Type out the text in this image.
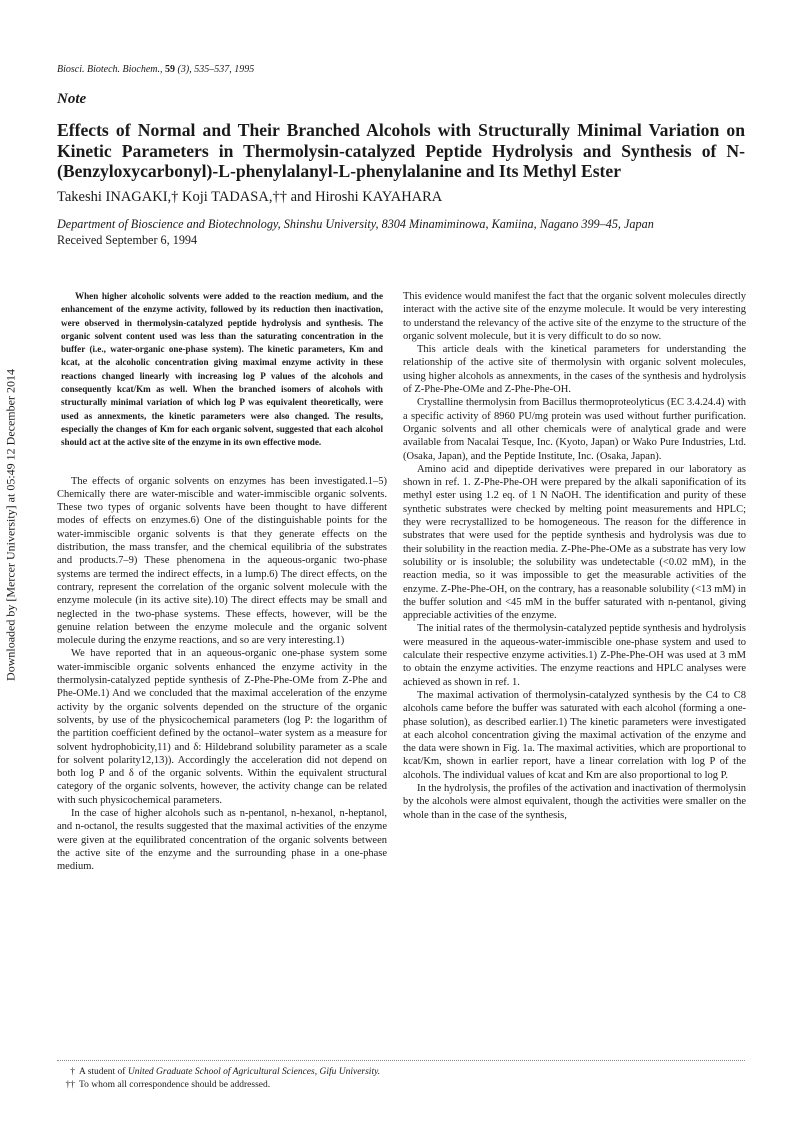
Biosci. Biotech. Biochem., 59 (3), 535–537, 1995
Note
Effects of Normal and Their Branched Alcohols with Structurally Minimal Variation on Kinetic Parameters in Thermolysin-catalyzed Peptide Hydrolysis and Synthesis of N-(Benzyloxycarbonyl)-L-phenylalanyl-L-phenylalanine and Its Methyl Ester
Takeshi INAGAKI,† Koji TADASA,†† and Hiroshi KAYAHARA
Department of Bioscience and Biotechnology, Shinshu University, 8304 Minamiminowa, Kamiina, Nagano 399–45, Japan
Received September 6, 1994
Downloaded by [Mercer University] at 05:49 12 December 2014

When higher alcoholic solvents were added to the reaction medium, and the enhancement of the enzyme activity, followed by its reduction then inactivation, were observed in thermolysin-catalyzed peptide hydrolysis and synthesis. The organic solvent content used was less than the saturating concentration in the buffer (i.e., water-organic one-phase system). The kinetic parameters, Km and kcat, at the alcoholic concentration giving maximal enzyme activity in these reactions changed linearly with increasing log P values of the alcohols and consequently kcat/Km as well. When the branched isomers of alcohols with structurally minimal variation of which log P was equivalent theoretically, were used as annexments, the kinetic parameters were also changed. The results, especially the changes of Km for each organic solvent, suggested that each alcohol should act at the active site of the enzyme in its own effective mode.

The effects of organic solvents on enzymes has been investigated.1–5) Chemically there are water-miscible and water-immiscible organic solvents. These two types of organic solvents have been thought to have different modes of effects on enzymes.6) One of the distinguishable points for the water-immiscible organic solvents is that they generate effects on the distribution, the mass transfer, and the chemical equilibria of the substrates and products.7–9) These phenomena in the aqueous-organic two-phase systems are termed the indirect effects, in a lump.6) The direct effects, on the contrary, represent the correlation of the organic solvent molecule with the enzyme molecule (in its active site).10) The direct effects may be small and neglected in the two-phase systems. These effects, however, will be the genuine relation between the enzyme molecule and the organic solvent molecule during the enzyme reactions, and so are very interesting.1)

We have reported that in an aqueous-organic one-phase system some water-immiscible organic solvents enhanced the enzyme activity in the thermolysin-catalyzed peptide synthesis of Z-Phe-Phe-OMe from Z-Phe and Phe-OMe.1) And we concluded that the maximal acceleration of the enzyme activity by the organic solvents depended on the structure of the organic solvents, by use of the physicochemical parameters (log P: the logarithm of the partition coefficient defined by the octanol–water system as a measure for solvent hydrophobicity,11) and δ: Hildebrand solubility parameter as a scale for solvent polarity12,13)). Accordingly the acceleration did not depend on both log P and δ of the organic solvents. Within the equivalent structural category of the organic solvents, however, the activity change can be related with such physicochemical parameters.

In the case of higher alcohols such as n-pentanol, n-hexanol, n-heptanol, and n-octanol, the results suggested that the maximal activities of the enzyme were given at the equilibrated concentration of the organic solvents between the active site of the enzyme and the surrounding phase in a one-phase medium.

This evidence would manifest the fact that the organic solvent molecules directly interact with the active site of the enzyme molecule. It would be very interesting to understand the relevancy of the active site of the enzyme to the structure of the organic solvent molecule, but it is very difficult to do so now.

This article deals with the kinetical parameters for understanding the relationship of the active site of thermolysin with organic solvent molecules, using higher alcohols as annexments, in the cases of the synthesis and hydrolysis of Z-Phe-Phe-OMe and Z-Phe-Phe-OH.

Crystalline thermolysin from Bacillus thermoproteolyticus (EC 3.4.24.4) with a specific activity of 8960 PU/mg protein was used without further purification. Organic solvents and all other chemicals were of analytical grade and were available from Nacalai Tesque, Inc. (Kyoto, Japan) or Wako Pure Industries, Ltd. (Osaka, Japan), and the Peptide Institute, Inc. (Osaka, Japan).

Amino acid and dipeptide derivatives were prepared in our laboratory as shown in ref. 1. Z-Phe-Phe-OH were prepared by the alkali saponification of its methyl ester using 1.2 eq. of 1 N NaOH. The identification and purity of these synthetic substrates were checked by melting point measurements and HPLC; they were recrystallized to be homogeneous. The reason for the difference in substrates that were used for the peptide synthesis and hydrolysis was due to their solubility in the reaction media. Z-Phe-Phe-OMe as a substrate has very low solubility or is insoluble; the solubility was undetectable (<0.02 mM), in the reaction media, so it was impossible to get the measurable activities of the enzyme. Z-Phe-Phe-OH, on the contrary, has a reasonable solubility (<13 mM) in the buffer solution and <45 mM in the buffer saturated with n-pentanol, giving appreciable activities of the enzyme.

The initial rates of the thermolysin-catalyzed peptide synthesis and hydrolysis were measured in the aqueous-water-immiscible one-phase system and used to calculate their respective enzyme activities.1) Z-Phe-Phe-OH was used at 3 mM to obtain the enzyme activities. The enzyme reactions and HPLC analyses were achieved as shown in ref. 1.

The maximal activation of thermolysin-catalyzed synthesis by the C4 to C8 alcohols came before the buffer was saturated with each alcohol (forming a one-phase solution), as described earlier.1) The kinetic parameters were investigated at each alcohol concentration giving the maximal activation of the enzyme and the data were shown in Fig. 1a. The maximal activities, which are proportional to kcat/Km, shown in earlier report, have a linear correlation with log P of the alcohols. The individual values of kcat and Km are also proportional to log P.

In the hydrolysis, the profiles of the activation and inactivation of thermolysin by the alcohols were almost equivalent, though the activities were smaller on the whole than in the case of the synthesis,

† A student of United Graduate School of Agricultural Sciences, Gifu University.
†† To whom all correspondence should be addressed.
